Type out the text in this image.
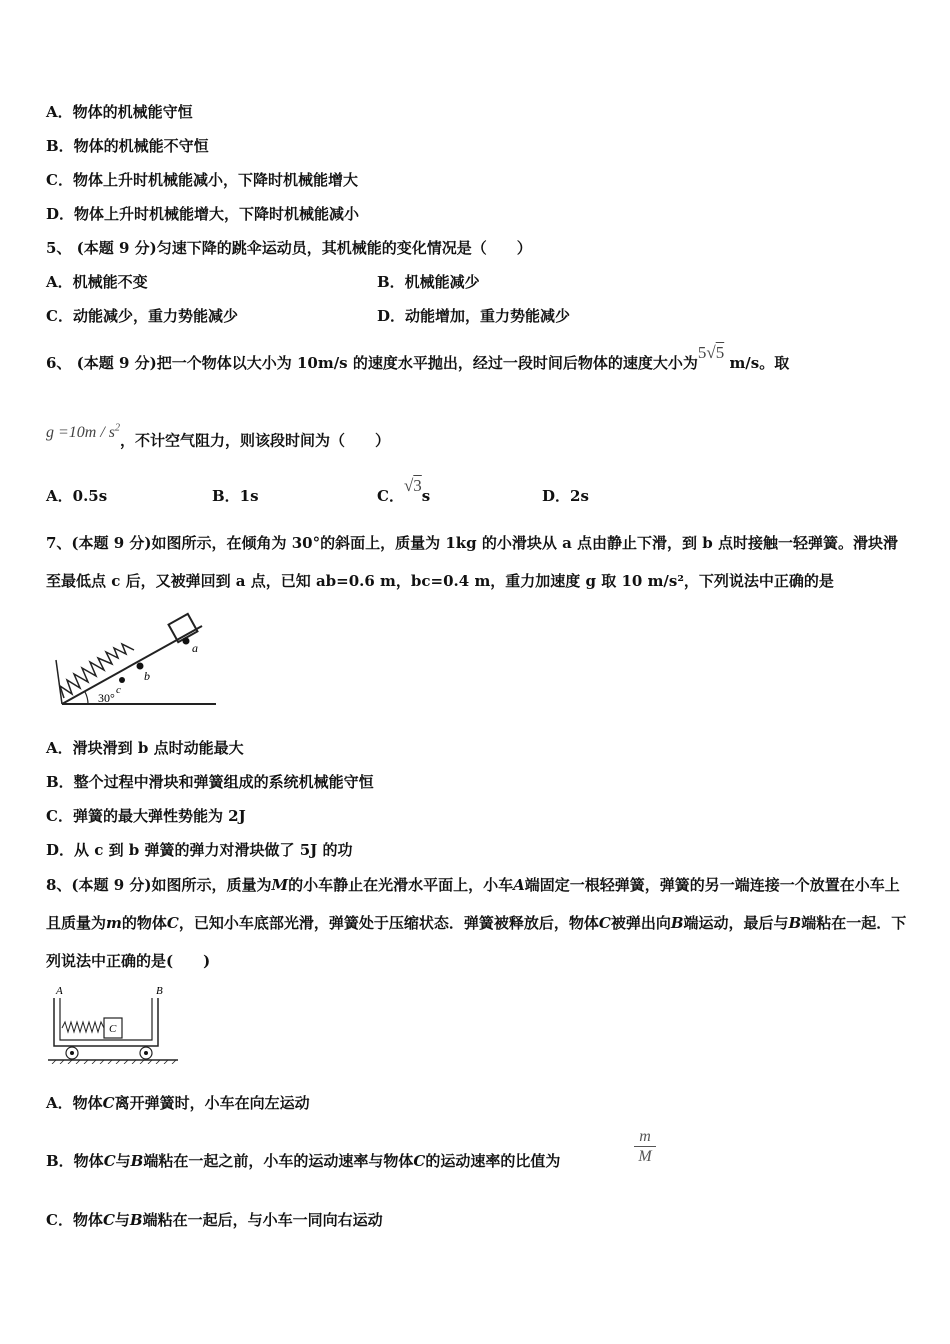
A．物体的机械能守恒
B．物体的机械能不守恒
C．物体上升时机械能减小，下降时机械能增大
D．物体上升时机械能增大，下降时机械能减小
5、 (本题 9 分)匀速下降的跳伞运动员，其机械能的变化情况是（　　）
A．机械能不变	B．机械能减少
C．动能减少，重力势能减少	D．动能增加，重力势能减少
6、 (本题 9 分)把一个物体以大小为 10m/s 的速度水平抛出，经过一段时间后物体的速度大小为5√5 m/s。取
$g =10m / s^2$，不计空气阻力，则该段时间为（　　）
A．0.5s	B．1s	C．√3s	D．2s
7、(本题 9 分)如图所示，在倾角为 30°的斜面上，质量为 1kg 的小滑块从 a 点由静止下滑，到 b 点时接触一轻弹簧。滑块滑至最低点 c 后，又被弹回到 a 点，已知 ab=0.6 m，bc=0.4 m，重力加速度 g 取 10 m/s²，下列说法中正确的是
a
b
c
30°
A．滑块滑到 b 点时动能最大
B．整个过程中滑块和弹簧组成的系统机械能守恒
C．弹簧的最大弹性势能为 2J
D．从 c 到 b 弹簧的弹力对滑块做了 5J 的功
8、(本题 9 分)如图所示，质量为M的小车静止在光滑水平面上，小车A端固定一根轻弹簧，弹簧的另一端连接一个放置在小车上且质量为m的物体C，已知小车底部光滑，弹簧处于压缩状态．弹簧被释放后，物体C被弹出向B端运动，最后与B端粘在一起．下列说法中正确的是(　　)
A	B
C
A．物体C离开弹簧时，小车在向左运动
B．物体C与B端粘在一起之前，小车的运动速率与物体C的运动速率的比值为	$\frac{m}{M}$
C．物体C与B端粘在一起后，与小车一同向右运动
